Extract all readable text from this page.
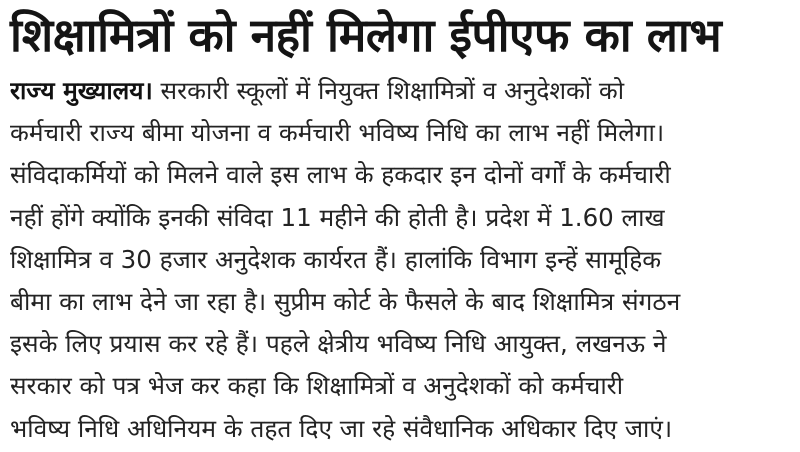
शिक्षामित्रों को नहीं मिलेगा ईपीएफ का लाभ
राज्य मुख्यालय। सरकारी स्कूलों में नियुक्त शिक्षामित्रों व अनुदेशकों को
कर्मचारी राज्य बीमा योजना व कर्मचारी भविष्य निधि का लाभ नहीं मिलेगा।
संविदाकर्मियों को मिलने वाले इस लाभ के हकदार इन दोनों वर्गों के कर्मचारी
नहीं होंगे क्योंकि इनकी संविदा 11 महीने की होती है। प्रदेश में 1.60 लाख
शिक्षामित्र व 30 हजार अनुदेशक कार्यरत हैं। हालांकि विभाग इन्हें सामूहिक
बीमा का लाभ देने जा रहा है। सुप्रीम कोर्ट के फैसले के बाद शिक्षामित्र संगठन
इसके लिए प्रयास कर रहे हैं। पहले क्षेत्रीय भविष्य निधि आयुक्त, लखनऊ ने
सरकार को पत्र भेज कर कहा कि शिक्षामित्रों व अनुदेशकों को कर्मचारी
भविष्य निधि अधिनियम के तहत दिए जा रहे संवैधानिक अधिकार दिए जाएं।
